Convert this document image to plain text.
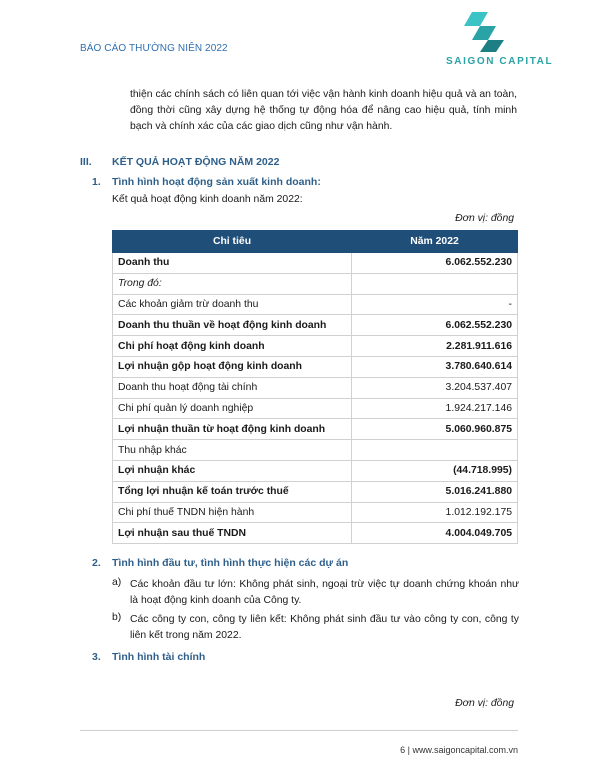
BÁO CÁO THƯỜNG NIÊN 2022
SAIGON CAPITAL
thiện các chính sách có liên quan tới việc vận hành kinh doanh hiệu quả và an toàn, đồng thời cũng xây dựng hệ thống tự động hóa để nâng cao hiệu quả, tính minh bạch và chính xác của các giao dịch cũng như vận hành.
III. KẾT QUẢ HOẠT ĐỘNG NĂM 2022
1. Tình hình hoạt động sản xuất kinh doanh:
Kết quả hoạt động kinh doanh năm 2022:
Đơn vị: đồng
Chỉ tiêu	Năm 2022
Doanh thu	6.062.552.230
Trong đó:	
Các khoản giảm trừ doanh thu	-
Doanh thu thuần về hoạt động kinh doanh	6.062.552.230
Chi phí hoạt động kinh doanh	2.281.911.616
Lợi nhuận gộp hoạt động kinh doanh	3.780.640.614
Doanh thu hoạt động tài chính	3.204.537.407
Chi phí quản lý doanh nghiệp	1.924.217.146
Lợi nhuận thuần từ hoạt động kinh doanh	5.060.960.875
Thu nhập khác	
Lợi nhuận khác	(44.718.995)
Tổng lợi nhuận kế toán trước thuế	5.016.241.880
Chi phí thuế TNDN hiện hành	1.012.192.175
Lợi nhuận sau thuế TNDN	4.004.049.705
2. Tình hình đầu tư, tình hình thực hiện các dự án
a) Các khoản đầu tư lớn: Không phát sinh, ngoại trừ việc tự doanh chứng khoán như là hoạt động kinh doanh của Công ty.
b) Các công ty con, công ty liên kết: Không phát sinh đầu tư vào công ty con, công ty liên kết trong năm 2022.
3. Tình hình tài chính
Đơn vị: đồng
6 | www.saigoncapital.com.vn
